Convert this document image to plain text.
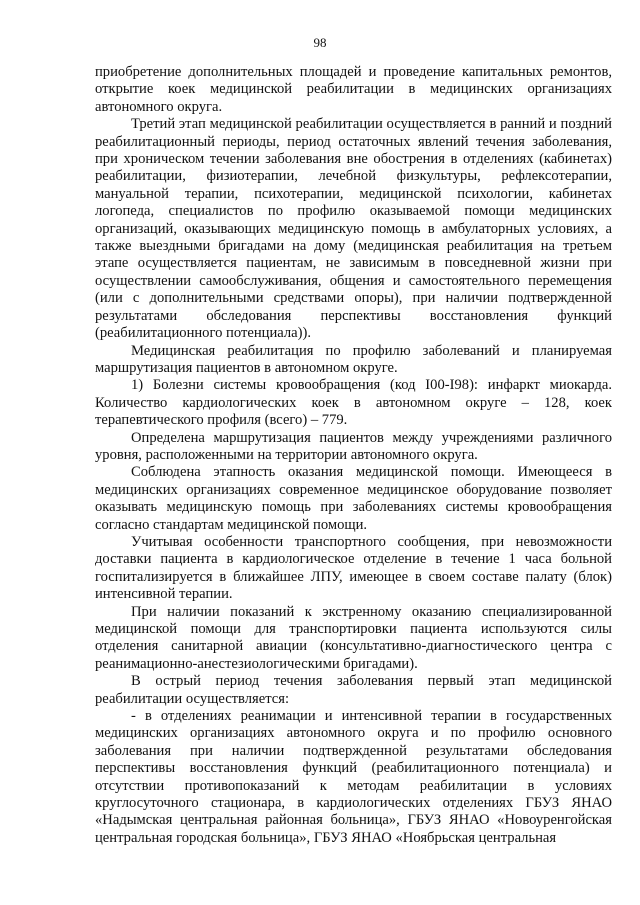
98

приобретение дополнительных площадей и проведение капитальных ремонтов, открытие коек медицинской реабилитации в медицинских организациях автономного округа.

Третий этап медицинской реабилитации осуществляется в ранний и поздний реабилитационный периоды, период остаточных явлений течения заболевания, при хроническом течении заболевания вне обострения в отделениях (кабинетах) реабилитации, физиотерапии, лечебной физкультуры, рефлексотерапии, мануальной терапии, психотерапии, медицинской психологии, кабинетах логопеда, специалистов по профилю оказываемой помощи медицинских организаций, оказывающих медицинскую помощь в амбулаторных условиях, а также выездными бригадами на дому (медицинская реабилитация на третьем этапе осуществляется пациентам, не зависимым в повседневной жизни при осуществлении самообслуживания, общения и самостоятельного перемещения (или с дополнительными средствами опоры), при наличии подтвержденной результатами обследования перспективы восстановления функций (реабилитационного потенциала)).

Медицинская реабилитация по профилю заболеваний и планируемая маршрутизация пациентов в автономном округе.

1) Болезни системы кровообращения (код I00-I98): инфаркт миокарда. Количество кардиологических коек в автономном округе – 128, коек терапевтического профиля (всего) – 779.

Определена маршрутизация пациентов между учреждениями различного уровня, расположенными на территории автономного округа.

Соблюдена этапность оказания медицинской помощи. Имеющееся в медицинских организациях современное медицинское оборудование позволяет оказывать медицинскую помощь при заболеваниях системы кровообращения согласно стандартам медицинской помощи.

Учитывая особенности транспортного сообщения, при невозможности доставки пациента в кардиологическое отделение в течение 1 часа больной госпитализируется в ближайшее ЛПУ, имеющее в своем составе палату (блок) интенсивной терапии.

При наличии показаний к экстренному оказанию специализированной медицинской помощи для транспортировки пациента используются силы отделения санитарной авиации (консультативно-диагностического центра с реанимационно-анестезиологическими бригадами).

В острый период течения заболевания первый этап медицинской реабилитации осуществляется:

- в отделениях реанимации и интенсивной терапии в государственных медицинских организациях автономного округа и по профилю основного заболевания при наличии подтвержденной результатами обследования перспективы восстановления функций (реабилитационного потенциала) и отсутствии противопоказаний к методам реабилитации в условиях круглосуточного стационара, в кардиологических отделениях ГБУЗ ЯНАО «Надымская центральная районная больница», ГБУЗ ЯНАО «Новоуренгойская центральная городская больница», ГБУЗ ЯНАО «Ноябрьская центральная
